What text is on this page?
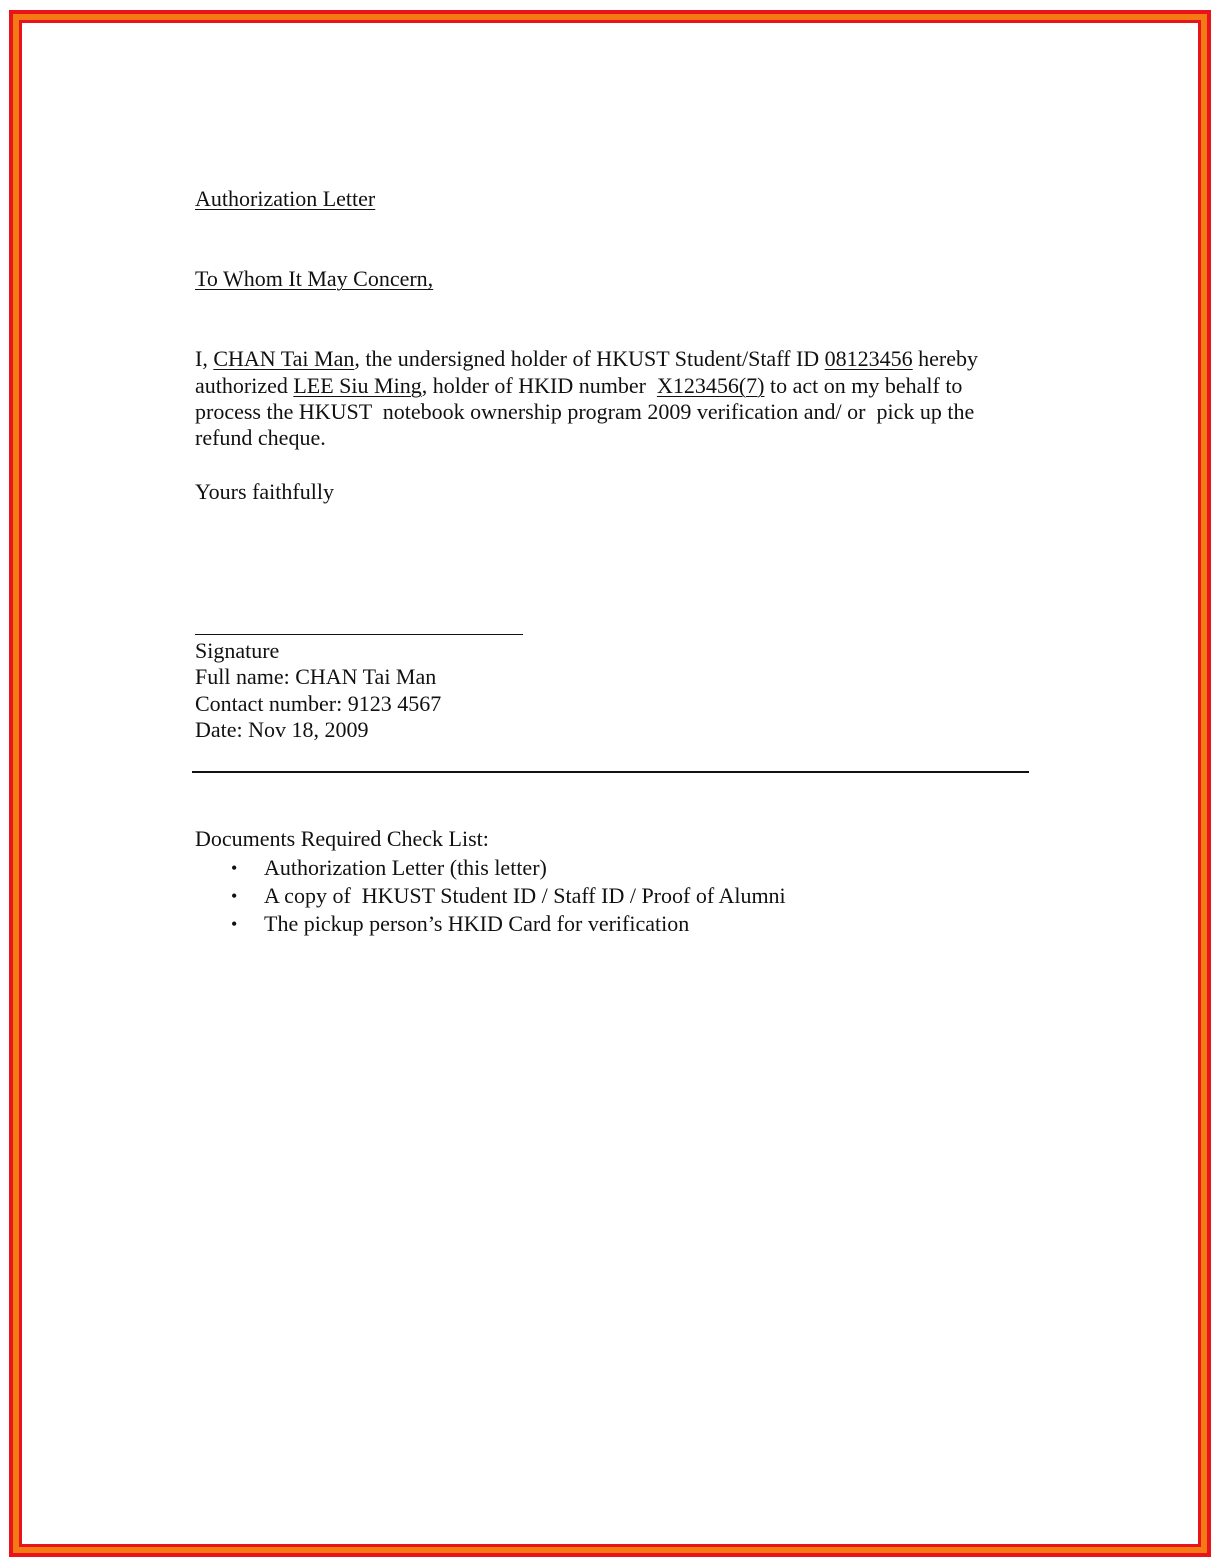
Authorization Letter
To Whom It May Concern,
I, CHAN Tai Man, the undersigned holder of HKUST Student/Staff ID 08123456 hereby
authorized LEE Siu Ming, holder of HKID number  X123456(7) to act on my behalf to
process the HKUST  notebook ownership program 2009 verification and/ or  pick up the
refund cheque.
Yours faithfully
Signature
Full name: CHAN Tai Man
Contact number: 9123 4567
Date: Nov 18, 2009
Documents Required Check List:
• Authorization Letter (this letter)
• A copy of  HKUST Student ID / Staff ID / Proof of Alumni
• The pickup person’s HKID Card for verification
